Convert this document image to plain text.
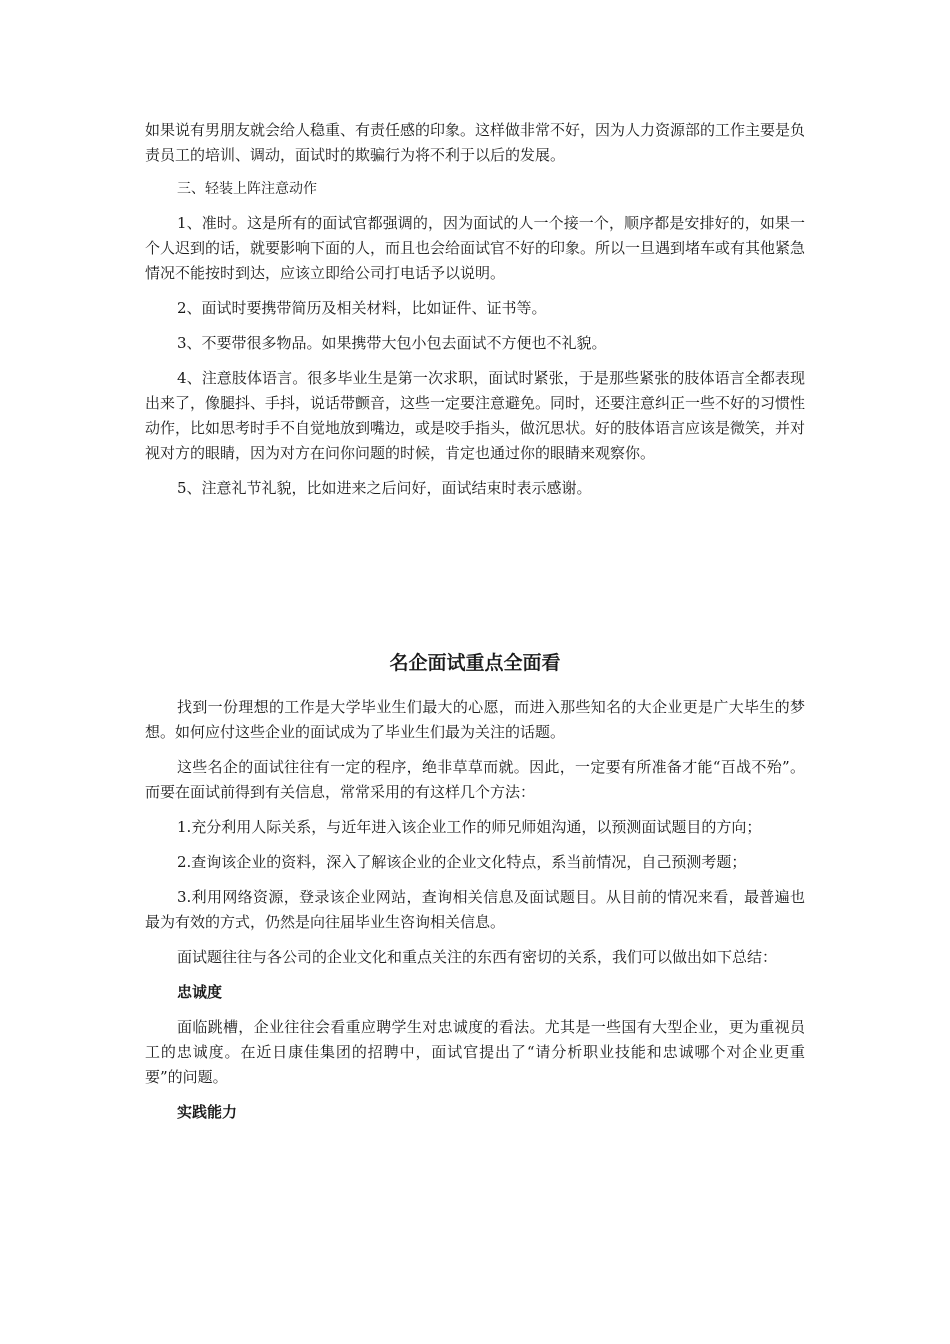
如果说有男朋友就会给人稳重、有责任感的印象。这样做非常不好，因为人力资源部的工作主要是负责员工的培训、调动，面试时的欺骗行为将不利于以后的发展。

三、轻装上阵注意动作

1、准时。这是所有的面试官都强调的，因为面试的人一个接一个，顺序都是安排好的，如果一个人迟到的话，就要影响下面的人，而且也会给面试官不好的印象。所以一旦遇到堵车或有其他紧急情况不能按时到达，应该立即给公司打电话予以说明。

2、面试时要携带简历及相关材料，比如证件、证书等。

3、不要带很多物品。如果携带大包小包去面试不方便也不礼貌。

4、注意肢体语言。很多毕业生是第一次求职，面试时紧张，于是那些紧张的肢体语言全都表现出来了，像腿抖、手抖，说话带颤音，这些一定要注意避免。同时，还要注意纠正一些不好的习惯性动作，比如思考时手不自觉地放到嘴边，或是咬手指头，做沉思状。好的肢体语言应该是微笑，并对视对方的眼睛，因为对方在问你问题的时候，肯定也通过你的眼睛来观察你。

5、注意礼节礼貌，比如进来之后问好，面试结束时表示感谢。

名企面试重点全面看

找到一份理想的工作是大学毕业生们最大的心愿，而进入那些知名的大企业更是广大毕生的梦想。如何应付这些企业的面试成为了毕业生们最为关注的话题。

这些名企的面试往往有一定的程序，绝非草草而就。因此，一定要有所准备才能“百战不殆”。而要在面试前得到有关信息，常常采用的有这样几个方法：

1.充分利用人际关系，与近年进入该企业工作的师兄师姐沟通，以预测面试题目的方向；

2.查询该企业的资料，深入了解该企业的企业文化特点，系当前情况，自己预测考题；

3.利用网络资源，登录该企业网站，查询相关信息及面试题目。从目前的情况来看，最普遍也最为有效的方式，仍然是向往届毕业生咨询相关信息。

面试题往往与各公司的企业文化和重点关注的东西有密切的关系，我们可以做出如下总结：

忠诚度

面临跳槽，企业往往会看重应聘学生对忠诚度的看法。尤其是一些国有大型企业，更为重视员工的忠诚度。在近日康佳集团的招聘中，面试官提出了“请分析职业技能和忠诚哪个对企业更重要”的问题。

实践能力
